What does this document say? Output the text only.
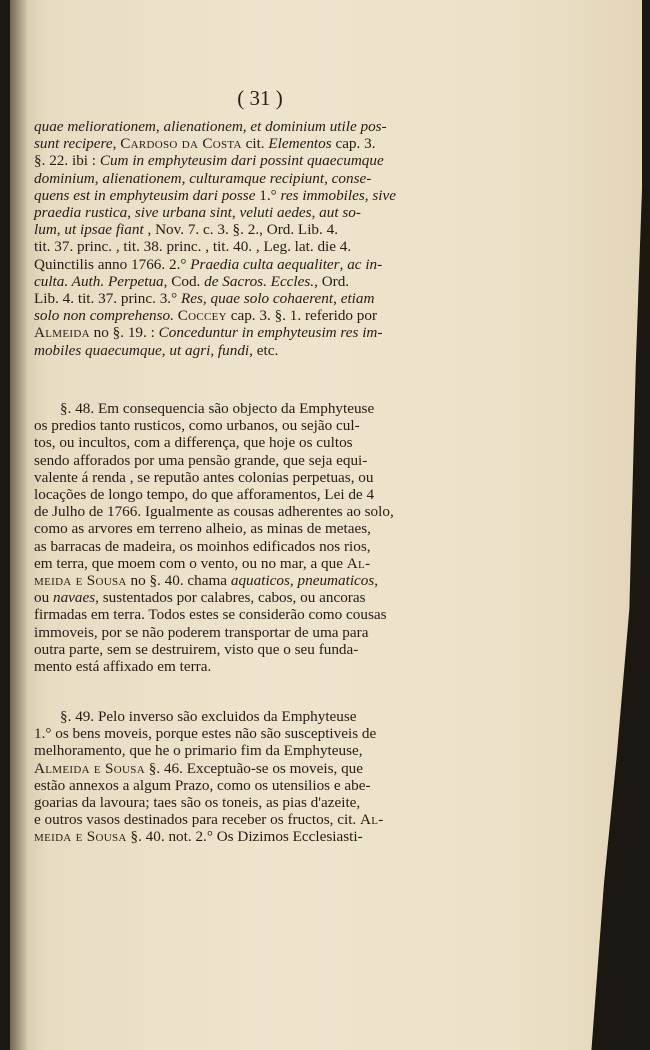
( 31 )
quae meliorationem, alienationem, et dominium utile pos-
sunt recipere, Cardoso da Costa cit. Elementos cap. 3.
§. 22. ibi : Cum in emphyteusim dari possint quaecumque
dominium, alienationem, culturamque recipiunt, conse-
quens est in emphyteusim dari posse 1.° res immobiles, sive
praedia rustica, sive urbana sint, veluti aedes, aut so-
lum, ut ipsae fiant , Nov. 7. c. 3. §. 2., Ord. Lib. 4.
tit. 37. princ. , tit. 38. princ. , tit. 40. , Leg. lat. die 4.
Quinctilis anno 1766. 2.° Praedia culta aequaliter, ac in-
culta. Auth. Perpetua, Cod. de Sacros. Eccles., Ord.
Lib. 4. tit. 37. princ. 3.° Res, quae solo cohaerent, etiam
solo non comprehenso. Coccey cap. 3. §. 1. referido por
Almeida no §. 19. : Conceduntur in emphyteusim res im-
mobiles quaecumque, ut agri, fundi, etc.
§. 48. Em consequencia são objecto da Emphyteuse
os predios tanto rusticos, como urbanos, ou sejão cul-
tos, ou incultos, com a differença, que hoje os cultos
sendo afforados por uma pensão grande, que seja equi-
valente á renda , se reputão antes colonias perpetuas, ou
locações de longo tempo, do que afforamentos, Lei de 4
de Julho de 1766. Igualmente as cousas adherentes ao solo,
como as arvores em terreno alheio, as minas de metaes,
as barracas de madeira, os moinhos edificados nos rios,
em terra, que moem com o vento, ou no mar, a que Al-
meida e Sousa no §. 40. chama aquaticos, pneumaticos,
ou navaes, sustentados por calabres, cabos, ou ancoras
firmadas em terra. Todos estes se considerão como cousas
immoveis, por se não poderem transportar de uma para
outra parte, sem se destruirem, visto que o seu funda-
mento está affixado em terra.
§. 49. Pelo inverso são excluidos da Emphyteuse
1.° os bens moveis, porque estes não são susceptiveis de
melhoramento, que he o primario fim da Emphyteuse,
Almeida e Sousa §. 46. Exceptuão-se os moveis, que
estão annexos a algum Prazo, como os utensilios e abe-
goarias da lavoura; taes são os toneis, as pias d'azeite,
e outros vasos destinados para receber os fructos, cit. Al-
meida e Sousa §. 40. not. 2.° Os Dizimos Ecclesiasti-
